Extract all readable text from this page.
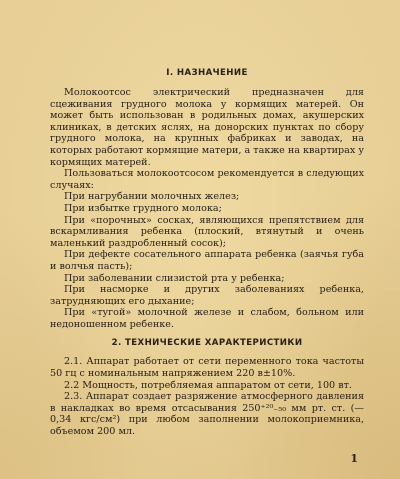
I. НАЗНАЧЕНИЕ

Молокоотсос электрический предназначен для сцеживания грудного молока у кормящих матерей. Он может быть использован в родильных домах, акушерских клиниках, в детских яслях, на донорских пунктах по сбору грудного молока, на крупных фабриках и заводах, на которых работают кормящие матери, а также на квартирах у кормящих матерей.

Пользоваться молокоотсосом рекомендуется в следующих случаях:

При нагрубании молочных желез;

При избытке грудного молока;

При «порочных» сосках, являющихся препятствием для вскармливания ребенка (плоский, втянутый и очень маленький раздробленный сосок);

При дефекте сосательного аппарата ребенка (заячья губа и волчья пасть);

При заболевании слизистой рта у ребенка;

При насморке и других заболеваниях ребенка, затрудняющих его дыхание;

При «тугой» молочной железе и слабом, больном или недоношенном ребенке.

2. ТЕХНИЧЕСКИЕ ХАРАКТЕРИСТИКИ

2.1. Аппарат работает от сети переменного тока частоты 50 гц с номинальным напряжением 220 в±10%.

2.2 Мощность, потребляемая аппаратом от сети, 100 вт.

2.3. Аппарат создает разряжение атмосферного давления в накладках во время отсасывания 250⁺²⁰₋₅₀ мм рт. ст. (—0,34 кгс/см²) при любом заполнении молокоприемника, объемом 200 мл.

1
